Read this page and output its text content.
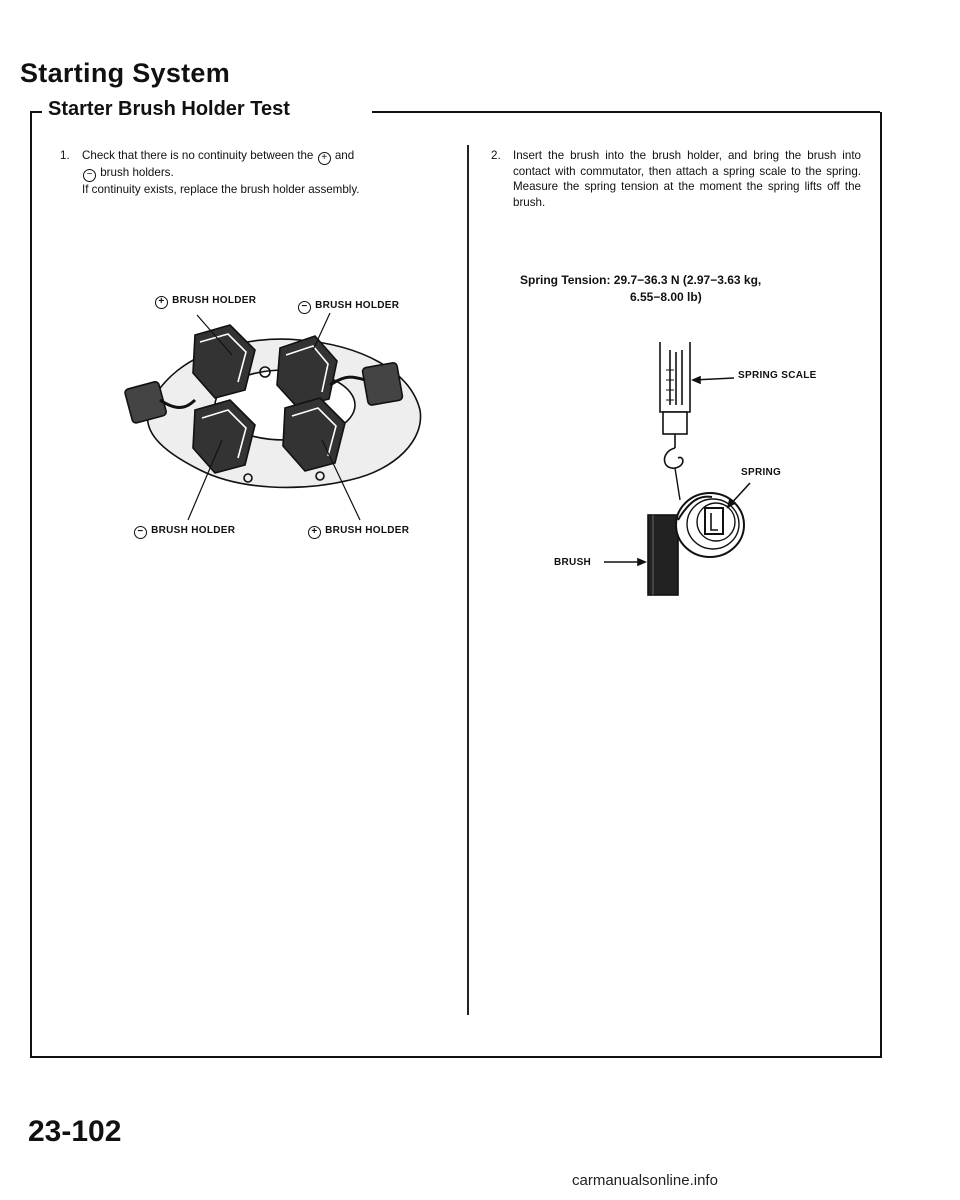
Starting System
Starter Brush Holder Test
1. Check that there is no continuity between the + and
− brush holders.
If continuity exists, replace the brush holder assembly.
+ BRUSH HOLDER
− BRUSH HOLDER
− BRUSH HOLDER	+ BRUSH HOLDER
2. Insert the brush into the brush holder, and bring the brush into contact with commutator, then attach a spring scale to the spring. Measure the spring tension at the moment the spring lifts off the brush.
Spring Tension: 29.7−36.3 N (2.97−3.63 kg,
6.55−8.00 lb)
SPRING SCALE
SPRING
BRUSH
23-102
carmanualsonline.info
